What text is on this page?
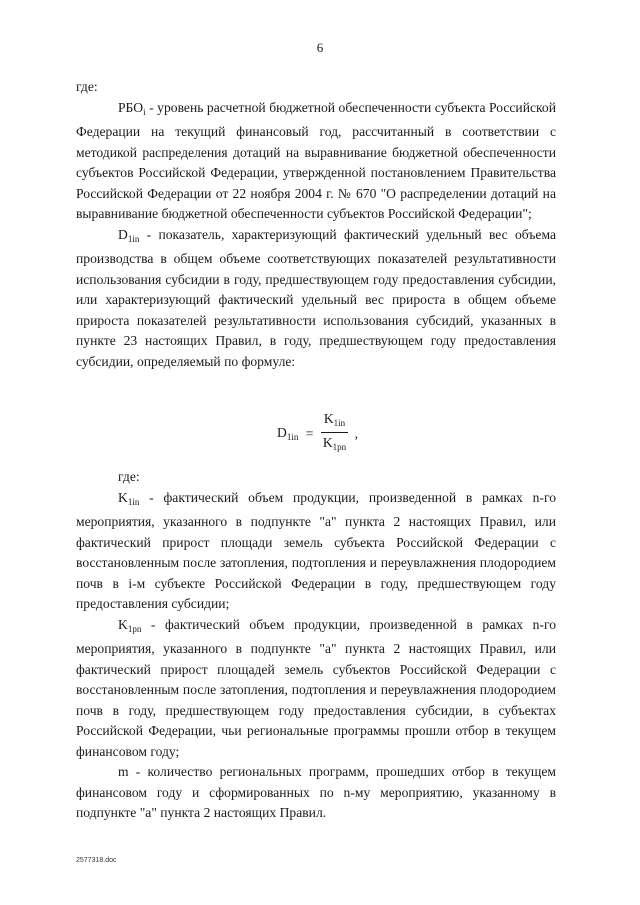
6

где:

$РБО_i$ - уровень расчетной бюджетной обеспеченности субъекта Российской Федерации на текущий финансовый год, рассчитанный в соответствии с методикой распределения дотаций на выравнивание бюджетной обеспеченности субъектов Российской Федерации, утвержденной постановлением Правительства Российской Федерации от 22 ноября 2004 г. № 670 "О распределении дотаций на выравнивание бюджетной обеспеченности субъектов Российской Федерации";

$D_{1in}$ - показатель, характеризующий фактический удельный вес объема производства в общем объеме соответствующих показателей результативности использования субсидии в году, предшествующем году предоставления субсидии, или характеризующий фактический удельный вес прироста в общем объеме прироста показателей результативности использования субсидий, указанных в пункте 23 настоящих Правил, в году, предшествующем году предоставления субсидии, определяемый по формуле:

$D_{1in} = \frac{K_{1in}}{K_{1pn}}$ ,

где:

$K_{1in}$ - фактический объем продукции, произведенной в рамках n-го мероприятия, указанного в подпункте "а" пункта 2 настоящих Правил, или фактический прирост площади земель субъекта Российской Федерации с восстановленным после затопления, подтопления и переувлажнения плодородием почв в i-м субъекте Российской Федерации в году, предшествующем году предоставления субсидии;

$K_{1pn}$ - фактический объем продукции, произведенной в рамках n-го мероприятия, указанного в подпункте "а" пункта 2 настоящих Правил, или фактический прирост площадей земель субъектов Российской Федерации с восстановленным после затопления, подтопления и переувлажнения плодородием почв в году, предшествующем году предоставления субсидии, в субъектах Российской Федерации, чьи региональные программы прошли отбор в текущем финансовом году;

m - количество региональных программ, прошедших отбор в текущем финансовом году и сформированных по n-му мероприятию, указанному в подпункте "а" пункта 2 настоящих Правил.

2577318.doc
